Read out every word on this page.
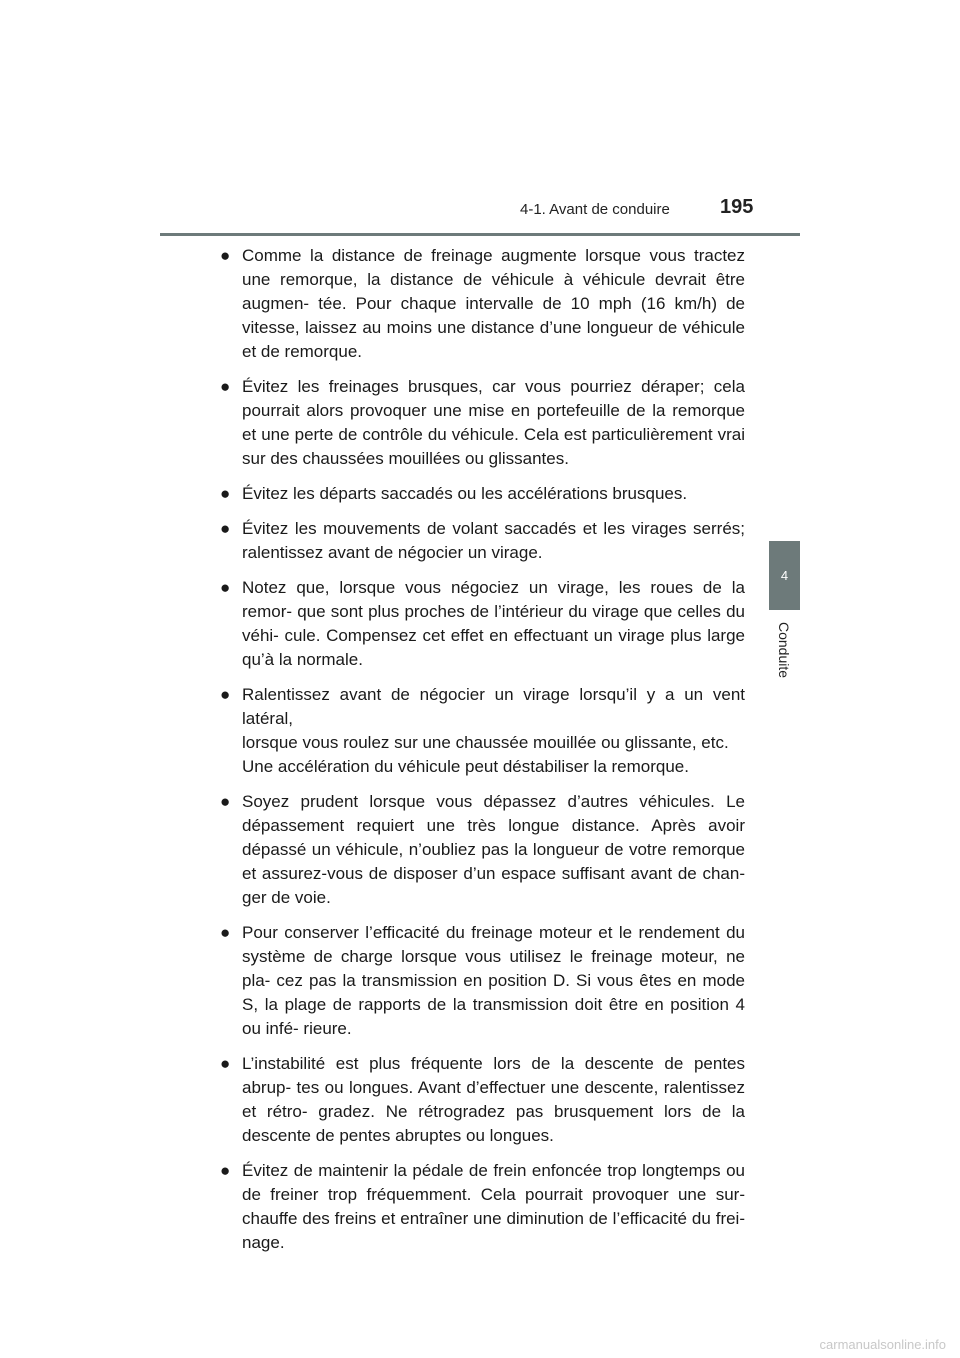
4-1. Avant de conduire	195
4
Conduite
● Comme la distance de freinage augmente lorsque vous tractez une remorque, la distance de véhicule à véhicule devrait être augmen- tée. Pour chaque intervalle de 10 mph (16 km/h) de vitesse, laissez au moins une distance d’une longueur de véhicule et de remorque.
● Évitez les freinages brusques, car vous pourriez déraper; cela pourrait alors provoquer une mise en portefeuille de la remorque et une perte de contrôle du véhicule. Cela est particulièrement vrai sur des chaussées mouillées ou glissantes.
● Évitez les départs saccadés ou les accélérations brusques.
● Évitez les mouvements de volant saccadés et les virages serrés; ralentissez avant de négocier un virage.
● Notez que, lorsque vous négociez un virage, les roues de la remor- que sont plus proches de l’intérieur du virage que celles du véhi- cule. Compensez cet effet en effectuant un virage plus large qu’à la normale.
● Ralentissez avant de négocier un virage lorsqu’il y a un vent latéral,
lorsque vous roulez sur une chaussée mouillée ou glissante, etc.
Une accélération du véhicule peut déstabiliser la remorque.
● Soyez prudent lorsque vous dépassez d’autres véhicules. Le dépassement requiert une très longue distance. Après avoir dépassé un véhicule, n’oubliez pas la longueur de votre remorque et assurez-vous de disposer d’un espace suffisant avant de chan- ger de voie.
● Pour conserver l’efficacité du freinage moteur et le rendement du système de charge lorsque vous utilisez le freinage moteur, ne pla- cez pas la transmission en position D. Si vous êtes en mode S, la plage de rapports de la transmission doit être en position 4 ou infé- rieure.
● L’instabilité est plus fréquente lors de la descente de pentes abrup- tes ou longues. Avant d’effectuer une descente, ralentissez et rétro- gradez. Ne rétrogradez pas brusquement lors de la descente de pentes abruptes ou longues.
● Évitez de maintenir la pédale de frein enfoncée trop longtemps ou de freiner trop fréquemment. Cela pourrait provoquer une sur- chauffe des freins et entraîner une diminution de l’efficacité du frei- nage.
carmanualsonline.info
